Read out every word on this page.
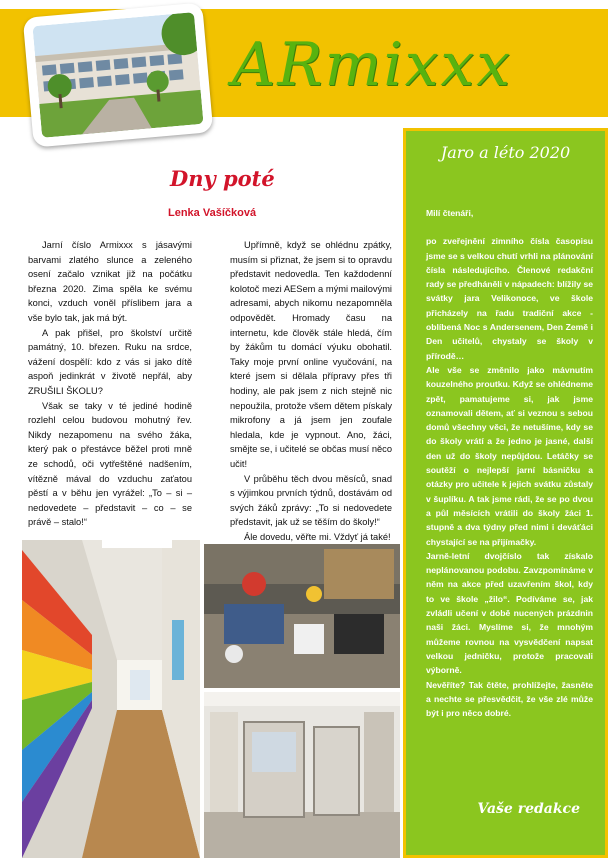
ARmixxx
Dny poté
Lenka Vašíčková

Jarní číslo Armixxx s jásavými barvami zlatého slunce a zeleného osení začalo vznikat již na počátku března 2020. Zima spěla ke svému konci, vzduch voněl příslibem jara a vše bylo tak, jak má být.

A pak přišel, pro školství určitě památný, 10. březen. Ruku na srdce, vážení dospělí: kdo z vás si jako dítě aspoň jedinkrát v životě nepřál, aby ZRUŠILI ŠKOLU?

Však se taky v té jediné hodině rozlehl celou budovou mohutný řev. Nikdy nezapomenu na svého žáka, který pak o přestávce běžel proti mně ze schodů, oči vytřeštěné nadšením, vítězně mával do vzduchu zaťatou pěstí a v běhu jen vyrážel: „To – si – nedovedete – představit – co – se právě – stalo!“

Upřímně, když se ohlédnu zpátky, musím si přiznat, že jsem si to opravdu představit nedovedla. Ten každodenní kolotoč mezi AESem a mými mailovými adresami, abych nikomu nezapomněla odpovědět. Hromady času na internetu, kde člověk stále hledá, čím by žákům tu domácí výuku obohatil. Taky moje první online vyučování, na které jsem si dělala přípravy přes tři hodiny, ale pak jsem z nich stejně nic nepoužila, protože všem dětem pískaly mikrofony a já jsem jen zoufale hledala, kde je vypnout. Ano, žáci, smějte se, i učitelé se občas musí něco učit!

V průběhu těch dvou měsíců, snad s výjimkou prvních týdnů, dostávám od svých žáků zprávy: „To si nedovedete představit, jak už se těším do školy!“

Ále dovedu, věřte mi. Vždyť já také!

Jaro a léto 2020

Milí čtenáři,

po zveřejnění zimního čísla časopisu jsme se s velkou chutí vrhli na plánování čísla následujícího. Členové redakční rady se předháněli v nápadech: blížily se svátky jara Velikonoce, ve škole přicházely na řadu tradiční akce - oblíbená Noc s Andersenem, Den Země i Den učitelů, chystaly se školy v přírodě…

Ale vše se změnilo jako mávnutím kouzelného proutku. Když se ohlédneme zpět, pamatujeme si, jak jsme oznamovali dětem, ať si veznou s sebou domů všechny věci, že netušíme, kdy se do školy vrátí a že jedno je jasné, další den už do školy nepůjdou. Letáčky se soutěží o nejlepší jarní básničku a otázky pro učitele k jejich svátku zůstaly v šuplíku. A tak jsme rádi, že se po dvou a půl měsících vrátili do školy žáci 1. stupně a dva týdny před nimi i deváťáci chystající se na přijímačky.

Jarně-letní dvojčíslo tak získalo neplánovanou podobu. Zavzpomínáme v něm na akce před uzavřením škol, kdy to ve škole „žilo“. Podíváme se, jak zvládli učení v době nucených prázdnin naši žáci. Myslíme si, že mnohým můžeme rovnou na vysvědčení napsat velkou jedničku, protože pracovali výborně.

Nevěříte? Tak čtěte, prohlížejte, žasněte a nechte se přesvědčit, že vše zlé může být i pro něco dobré.

Vaše redakce
